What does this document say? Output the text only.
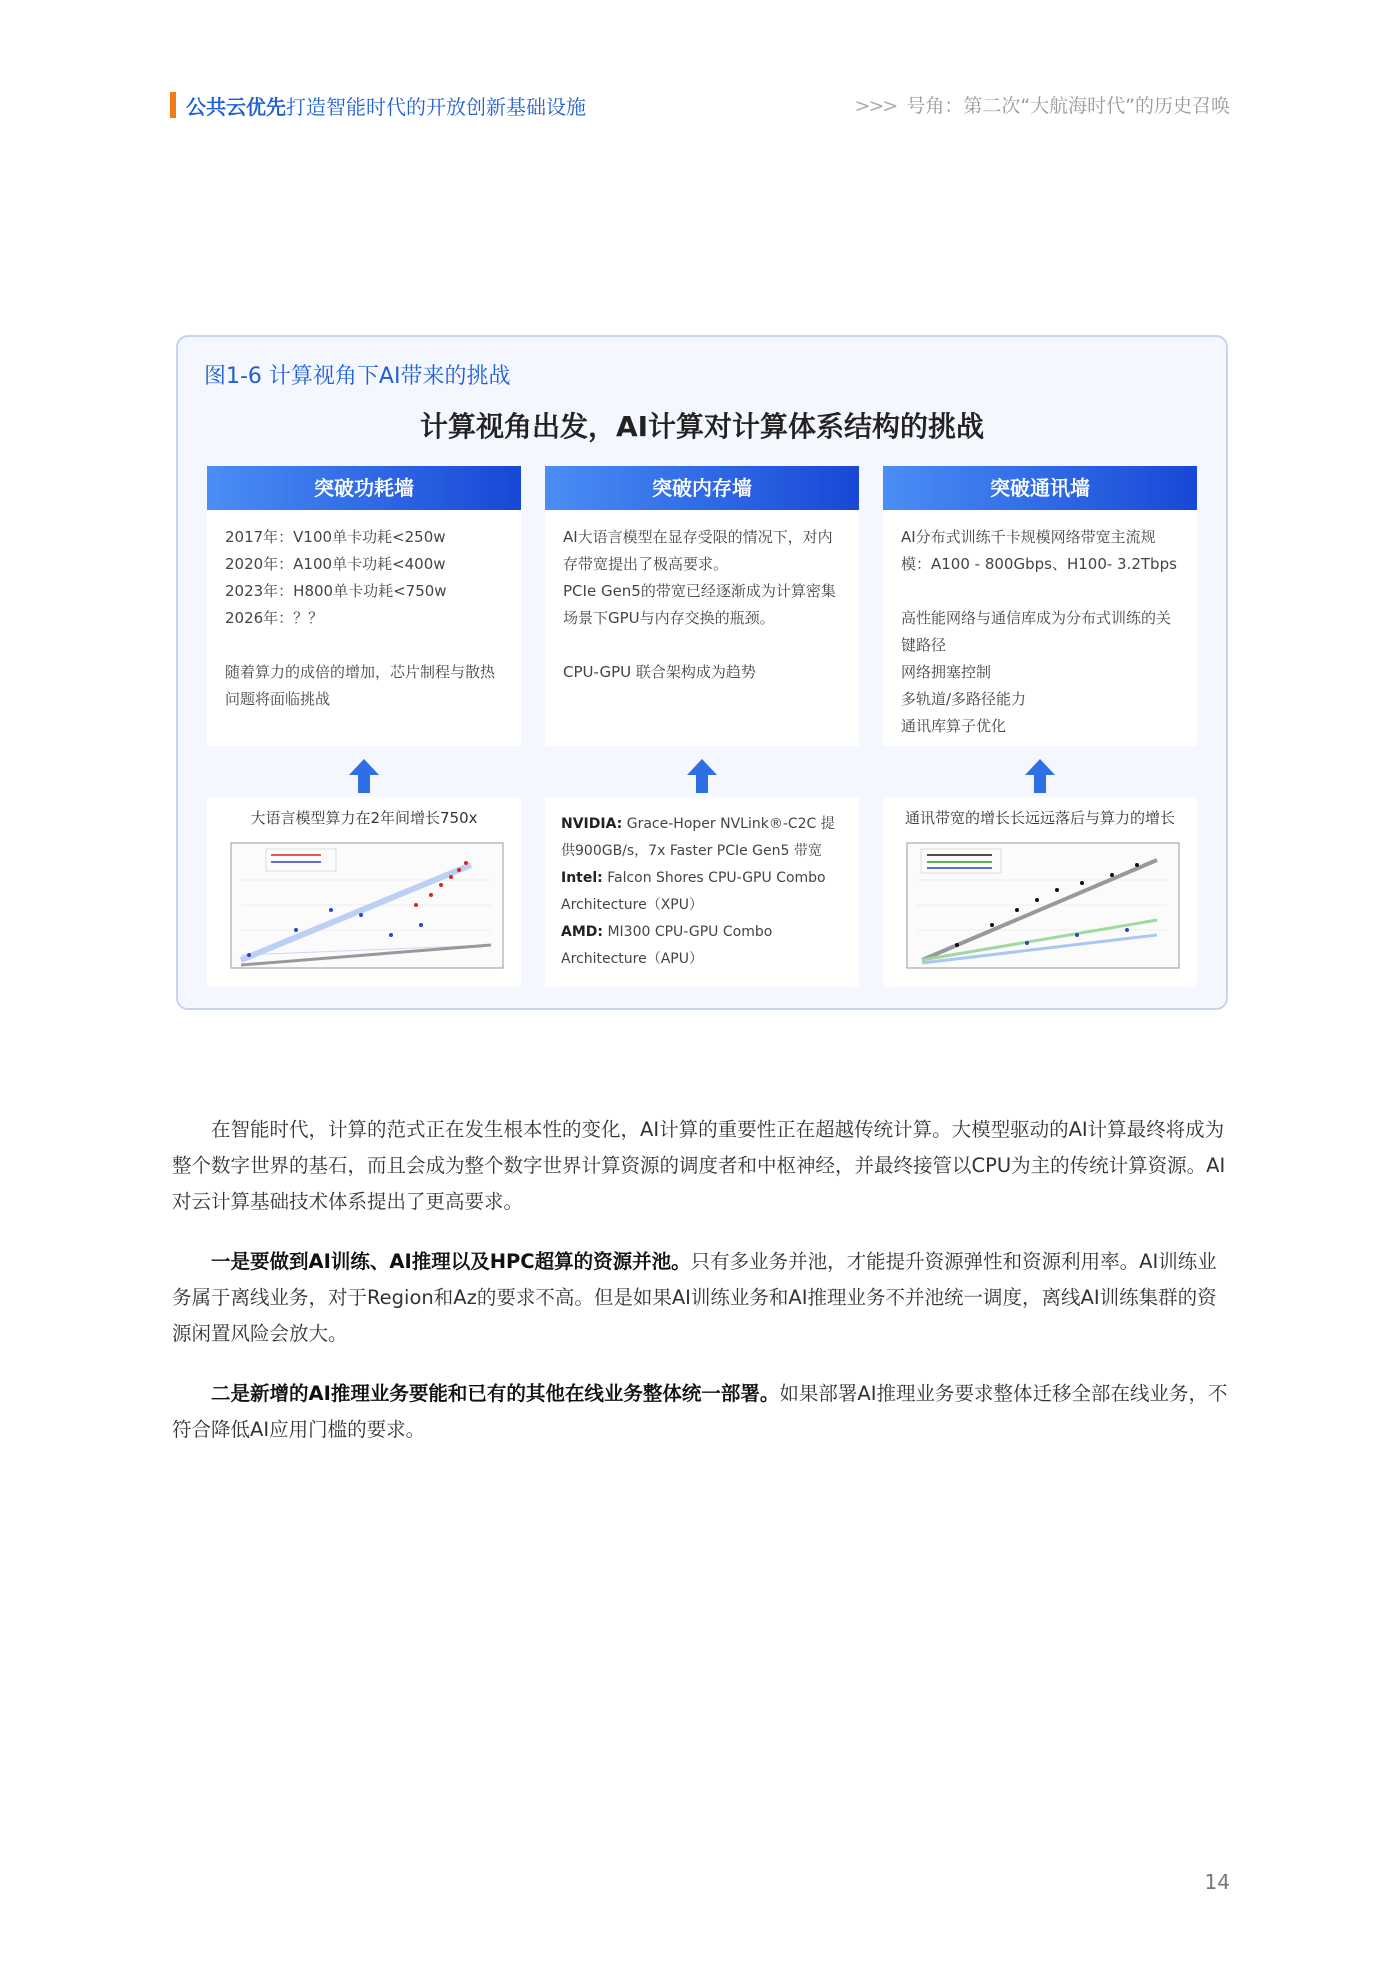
公共云优先打造智能时代的开放创新基础设施	>>> 号角：第二次“大航海时代”的历史召唤
图1-6 计算视角下AI带来的挑战
计算视角出发，AI计算对计算体系结构的挑战
突破功耗墙

2017年：V100单卡功耗<250w

2020年：A100单卡功耗<400w

2023年：H800单卡功耗<750w

2026年：？？

随着算力的成倍的增加，芯片制程与散热问题将面临挑战

突破内存墙

AI大语言模型在显存受限的情况下，对内存带宽提出了极高要求。

PCIe Gen5的带宽已经逐渐成为计算密集场景下GPU与内存交换的瓶颈。

CPU-GPU 联合架构成为趋势

突破通讯墙

AI分布式训练千卡规模网络带宽主流规模：A100 - 800Gbps、H100- 3.2Tbps

高性能网络与通信库成为分布式训练的关键路径

网络拥塞控制

多轨道/多路径能力

通讯库算子优化

大语言模型算力在2年间增长750x	NVIDIA: Grace-Hoper NVLink®-C2C 提供900GB/s，7x Faster PCIe Gen5 带宽
Intel: Falcon Shores CPU-GPU Combo Architecture（XPU）
AMD: MI300 CPU-GPU Combo Architecture（APU）
通讯带宽的增长长远远落后与算力的增长

在智能时代，计算的范式正在发生根本性的变化，AI计算的重要性正在超越传统计算。大模型驱动的AI计算最终将成为整个数字世界的基石，而且会成为整个数字世界计算资源的调度者和中枢神经，并最终接管以CPU为主的传统计算资源。AI对云计算基础技术体系提出了更高要求。

一是要做到AI训练、AI推理以及HPC超算的资源并池。只有多业务并池，才能提升资源弹性和资源利用率。AI训练业务属于离线业务，对于Region和Az的要求不高。但是如果AI训练业务和AI推理业务不并池统一调度，离线AI训练集群的资源闲置风险会放大。

二是新增的AI推理业务要能和已有的其他在线业务整体统一部署。如果部署AI推理业务要求整体迁移全部在线业务，不符合降低AI应用门槛的要求。

14
